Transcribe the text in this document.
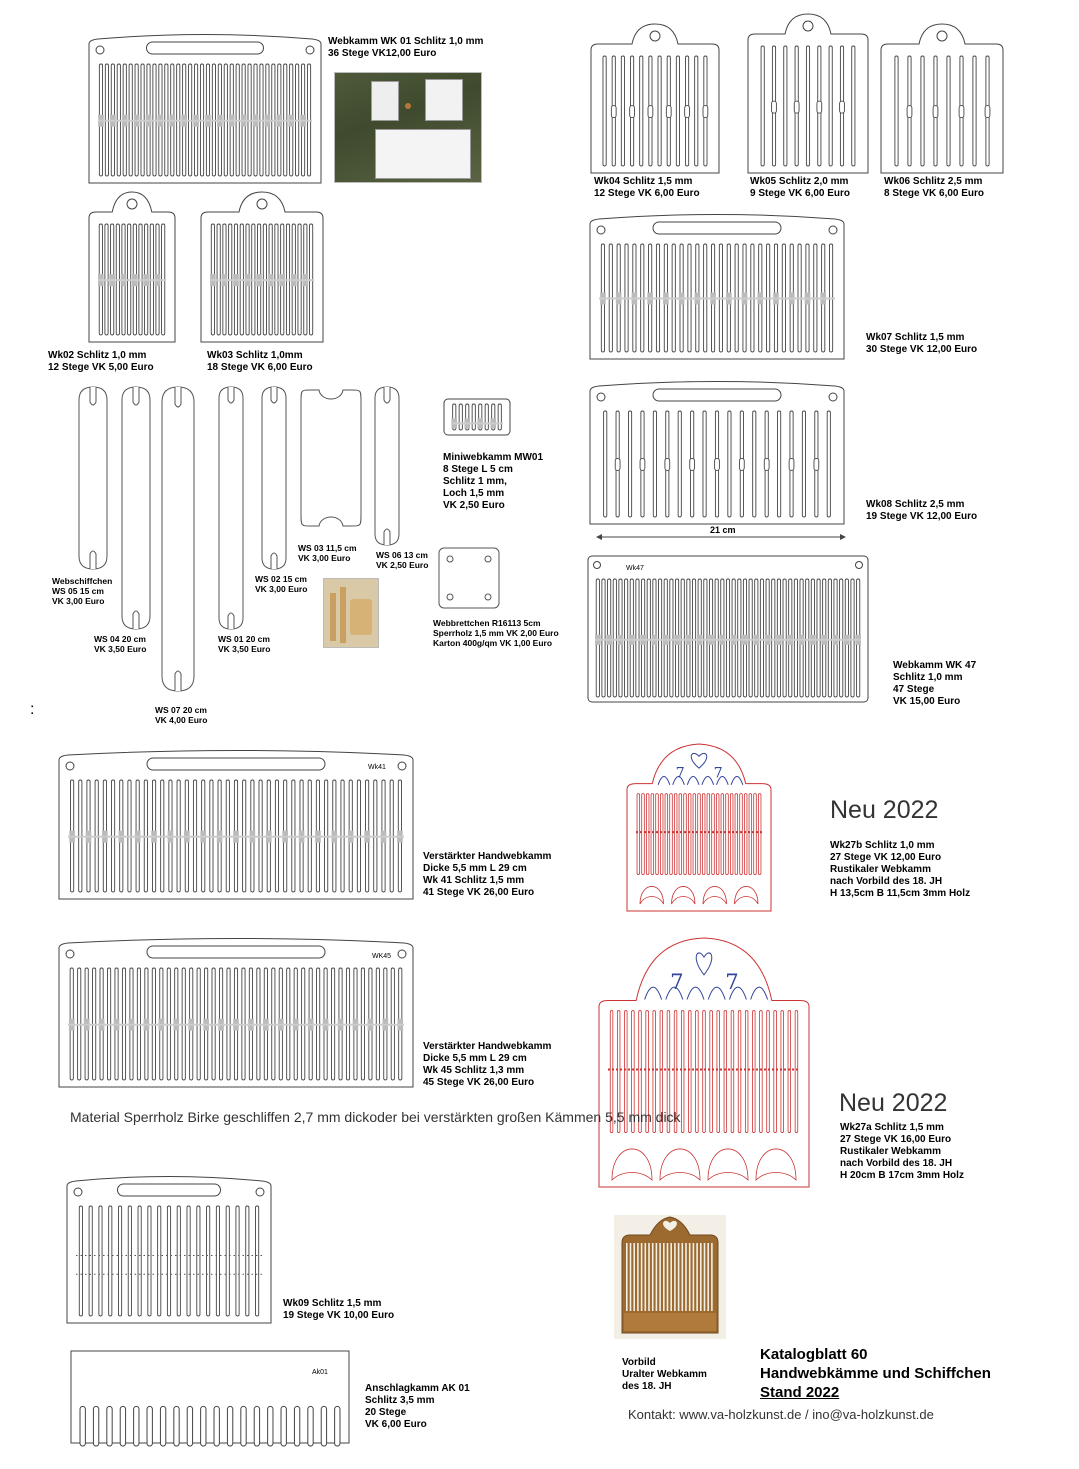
7 7
7 7
Webkamm WK 01 Schlitz 1,0 mm
36 Stege VK12,00 Euro
Wk02 Schlitz 1,0 mm
12 Stege VK 5,00 Euro
Wk03 Schlitz 1,0mm
18 Stege VK 6,00 Euro
Wk04 Schlitz 1,5 mm
12 Stege VK 6,00 Euro
Wk05 Schlitz 2,0 mm
9 Stege VK 6,00 Euro
Wk06 Schlitz 2,5 mm
8 Stege VK 6,00 Euro
Wk07 Schlitz 1,5 mm
30 Stege VK 12,00 Euro
Wk08 Schlitz 2,5 mm
19 Stege VK 12,00 Euro
21 cm
Wk47
Webkamm WK 47
Schlitz 1,0 mm
47 Stege
VK 15,00 Euro
Miniwebkamm MW01
8 Stege L 5 cm
Schlitz 1 mm,
Loch 1,5 mm
VK 2,50 Euro
Webschiffchen
WS 05 15 cm
VK 3,00 Euro
WS 04 20 cm
VK 3,50 Euro
WS 07 20 cm
VK 4,00 Euro
WS 01 20 cm
VK 3,50 Euro
WS 02 15 cm
VK 3,00 Euro
WS 03 11,5 cm
VK 3,00 Euro	WS 06 13 cm
VK 2,50 Euro
Webbrettchen R16113 5cm
Sperrholz 1,5 mm VK 2,00 Euro
Karton 400g/qm VK 1,00 Euro
:
Wk41
Verstärkter Handwebkamm
Dicke 5,5 mm L 29 cm
Wk 41 Schlitz 1,5 mm
41 Stege VK 26,00 Euro
WK45
Verstärkter Handwebkamm
Dicke 5,5 mm L 29 cm
Wk 45 Schlitz 1,3 mm
45 Stege VK 26,00 Euro
Material Sperrholz Birke geschliffen 2,7 mm dickoder bei verstärkten großen Kämmen 5,5 mm dick
Wk09 Schlitz 1,5 mm
19 Stege VK 10,00 Euro
Ak01
Anschlagkamm AK 01
Schlitz 3,5 mm
20 Stege
VK 6,00 Euro
Neu 2022
Wk27b Schlitz 1,0 mm
27 Stege VK 12,00 Euro
Rustikaler Webkamm
nach Vorbild des 18. JH
H 13,5cm B 11,5cm 3mm Holz
Neu 2022
Wk27a Schlitz 1,5 mm
27 Stege VK 16,00 Euro
Rustikaler Webkamm
nach Vorbild des 18. JH
H 20cm B 17cm 3mm Holz
Vorbild
Uralter Webkamm
des 18. JH
Katalogblatt 60
Handwebkämme und Schiffchen
Stand 2022
Kontakt: www.va-holzkunst.de / ino@va-holzkunst.de
